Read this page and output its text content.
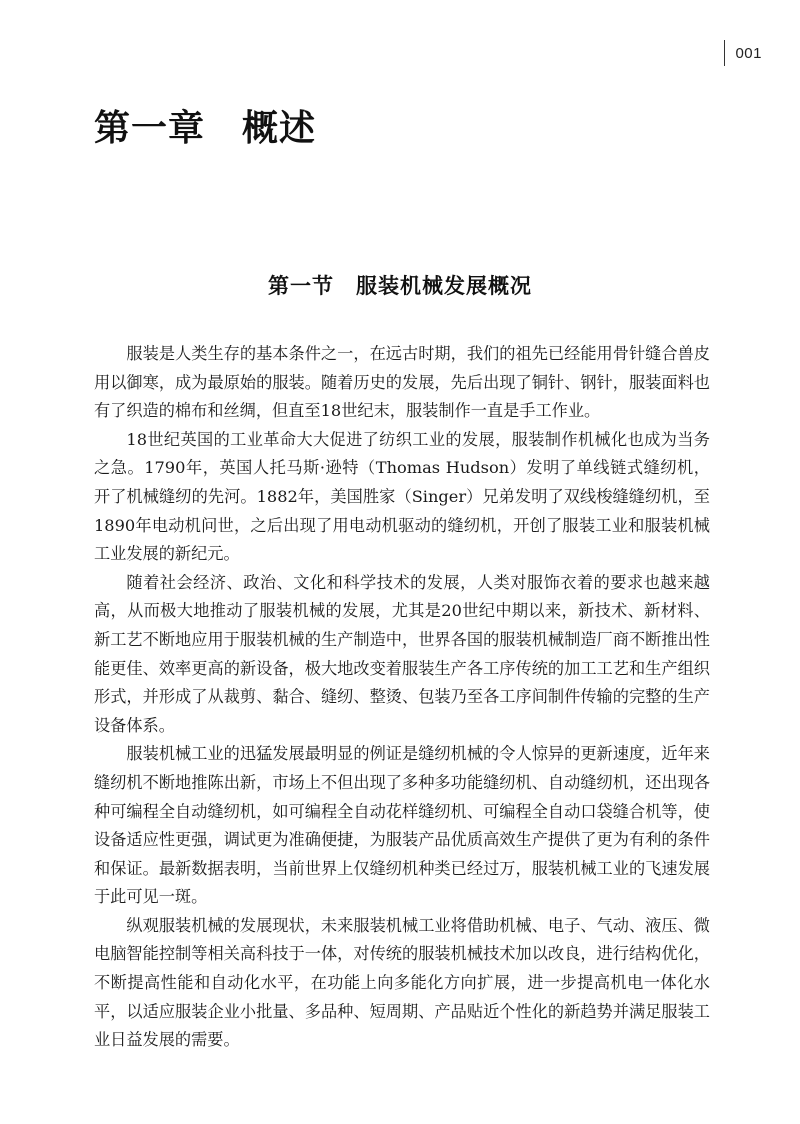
001
第一章　概述
第一节　服装机械发展概况

服装是人类生存的基本条件之一，在远古时期，我们的祖先已经能用骨针缝合兽皮用以御寒，成为最原始的服装。随着历史的发展，先后出现了铜针、钢针，服装面料也有了织造的棉布和丝绸，但直至18世纪末，服装制作一直是手工作业。

18世纪英国的工业革命大大促进了纺织工业的发展，服装制作机械化也成为当务之急。1790年，英国人托马斯·逊特（Thomas Hudson）发明了单线链式缝纫机，开了机械缝纫的先河。1882年，美国胜家（Singer）兄弟发明了双线梭缝缝纫机，至1890年电动机问世，之后出现了用电动机驱动的缝纫机，开创了服装工业和服装机械工业发展的新纪元。

随着社会经济、政治、文化和科学技术的发展，人类对服饰衣着的要求也越来越高，从而极大地推动了服装机械的发展，尤其是20世纪中期以来，新技术、新材料、新工艺不断地应用于服装机械的生产制造中，世界各国的服装机械制造厂商不断推出性能更佳、效率更高的新设备，极大地改变着服装生产各工序传统的加工工艺和生产组织形式，并形成了从裁剪、黏合、缝纫、整烫、包装乃至各工序间制件传输的完整的生产设备体系。

服装机械工业的迅猛发展最明显的例证是缝纫机械的令人惊异的更新速度，近年来缝纫机不断地推陈出新，市场上不但出现了多种多功能缝纫机、自动缝纫机，还出现各种可编程全自动缝纫机，如可编程全自动花样缝纫机、可编程全自动口袋缝合机等，使设备适应性更强，调试更为准确便捷，为服装产品优质高效生产提供了更为有利的条件和保证。最新数据表明，当前世界上仅缝纫机种类已经过万，服装机械工业的飞速发展于此可见一斑。

纵观服装机械的发展现状，未来服装机械工业将借助机械、电子、气动、液压、微电脑智能控制等相关高科技于一体，对传统的服装机械技术加以改良，进行结构优化，不断提高性能和自动化水平，在功能上向多能化方向扩展，进一步提高机电一体化水平，以适应服装企业小批量、多品种、短周期、产品贴近个性化的新趋势并满足服装工业日益发展的需要。
